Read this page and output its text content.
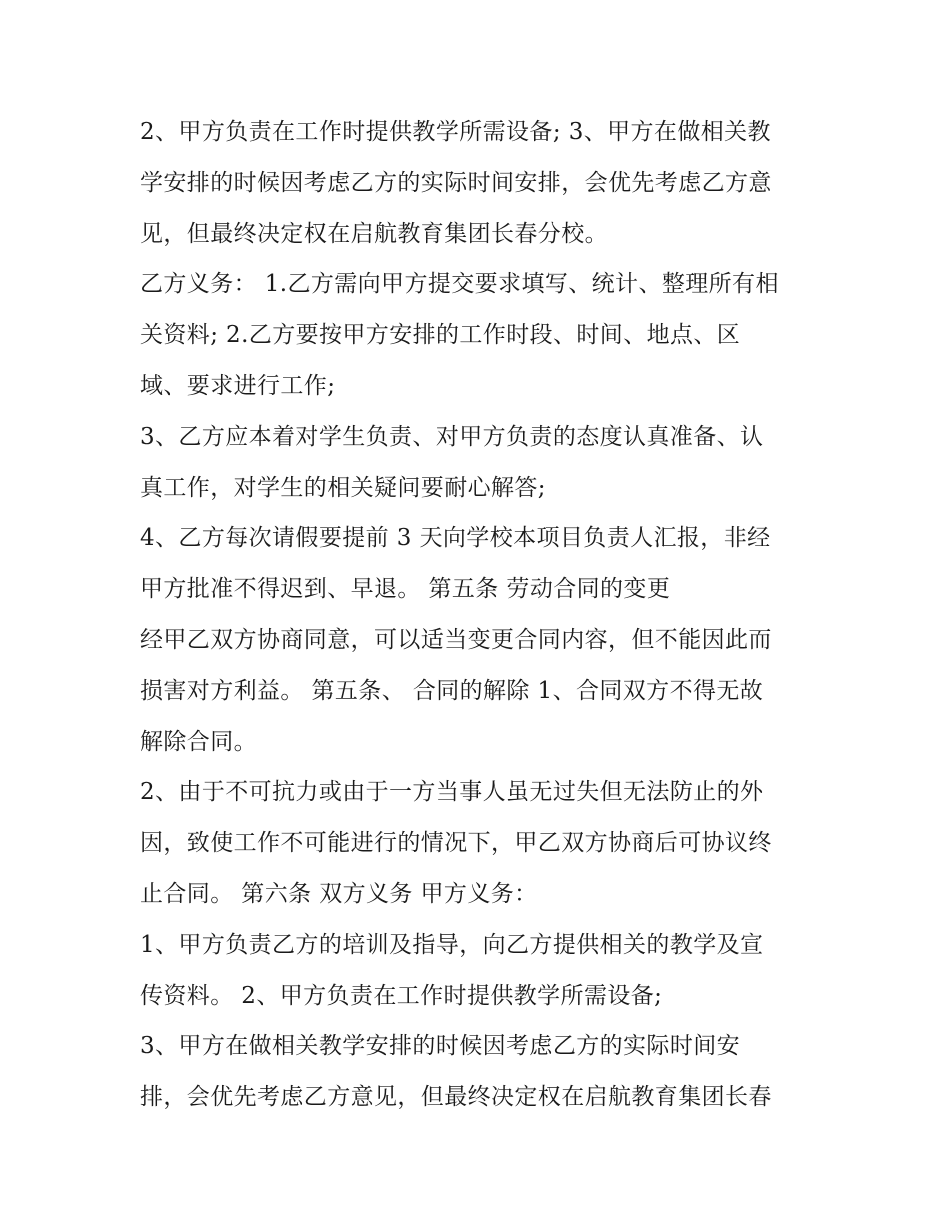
2、甲方负责在工作时提供教学所需设备; 3、甲方在做相关教
学安排的时候因考虑乙方的实际时间安排，会优先考虑乙方意
见，但最终决定权在启航教育集团长春分校。
乙方义务： 1.乙方需向甲方提交要求填写、统计、整理所有相
关资料; 2.乙方要按甲方安排的工作时段、时间、地点、区
域、要求进行工作;
3、乙方应本着对学生负责、对甲方负责的态度认真准备、认
真工作，对学生的相关疑问要耐心解答;
4、乙方每次请假要提前 3 天向学校本项目负责人汇报，非经
甲方批准不得迟到、早退。 第五条 劳动合同的变更
经甲乙双方协商同意，可以适当变更合同内容，但不能因此而
损害对方利益。 第五条、 合同的解除 1、合同双方不得无故
解除合同。
2、由于不可抗力或由于一方当事人虽无过失但无法防止的外
因，致使工作不可能进行的情况下，甲乙双方协商后可协议终
止合同。 第六条 双方义务 甲方义务：
1、甲方负责乙方的培训及指导，向乙方提供相关的教学及宣
传资料。 2、甲方负责在工作时提供教学所需设备;
3、甲方在做相关教学安排的时候因考虑乙方的实际时间安
排，会优先考虑乙方意见，但最终决定权在启航教育集团长春
